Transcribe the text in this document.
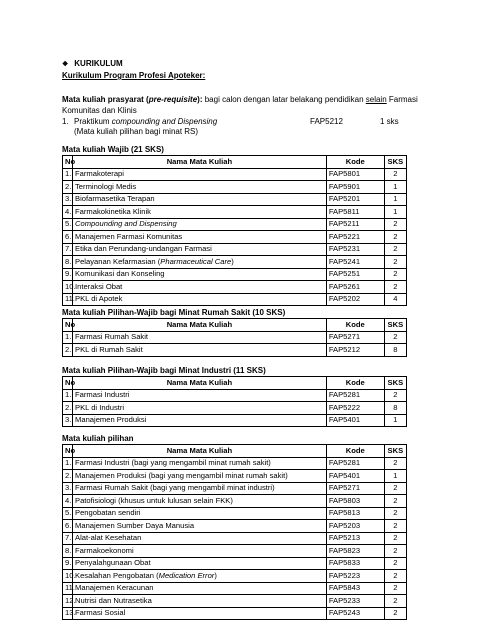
❖ KURIKULUM
Kurikulum Program Profesi Apoteker:
Mata kuliah prasyarat (pre-requisite): bagi calon dengan latar belakang pendidikan selain Farmasi
Komunitas dan Klinis
1. Praktikum compounding and Dispensing	FAP5212	1 sks
(Mata kuliah pilihan bagi minat RS)
Mata kuliah Wajib (21 SKS)
No	Nama Mata Kuliah	Kode	SKS
1.	Farmakoterapi	FAP5801	2
2.	Terminologi Medis	FAP5901	1
3.	Biofarmasetika Terapan	FAP5201	1
4.	Farmakokinetika Klinik	FAP5811	1
5.	Compounding and Dispensing	FAP5211	2
6.	Manajemen Farmasi Komunitas	FAP5221	2
7.	Etika dan Perundang-undangan Farmasi	FAP5231	2
8.	Pelayanan Kefarmasian (Pharmaceutical Care)	FAP5241	2
9.	Komunikasi dan Konseling	FAP5251	2
10.	Interaksi Obat	FAP5261	2
11.	PKL di Apotek	FAP5202	4
Mata kuliah Pilihan-Wajib bagi Minat Rumah Sakit (10 SKS)
No	Nama Mata Kuliah	Kode	SKS
1.	Farmasi Rumah Sakit	FAP5271	2
2.	PKL di Rumah Sakit	FAP5212	8
Mata kuliah Pilihan-Wajib bagi Minat Industri (11 SKS)
No	Nama Mata Kuliah	Kode	SKS
1.	Farmasi Industri	FAP5281	2
2.	PKL di Industri	FAP5222	8
3.	Manajemen Produksi	FAP5401	1
Mata kuliah pilihan
No	Nama Mata Kuliah	Kode	SKS
1.	Farmasi Industri (bagi yang mengambil minat rumah sakit)	FAP5281	2
2.	Manajemen Produksi (bagi yang mengambil minat rumah sakit)	FAP5401	1
3.	Farmasi Rumah Sakit (bagi yang mengambil minat industri)	FAP5271	2
4.	Patofisiologi (khusus untuk lulusan selain FKK)	FAP5803	2
5.	Pengobatan sendiri	FAP5813	2
6.	Manajemen Sumber Daya Manusia	FAP5203	2
7.	Alat-alat Kesehatan	FAP5213	2
8.	Farmakoekonomi	FAP5823	2
9.	Penyalahgunaan Obat	FAP5833	2
10.	Kesalahan Pengobatan (Medication Error)	FAP5223	2
11.	Manajemen Keracunan	FAP5843	2
12.	Nutrisi dan Nutrasetika	FAP5233	2
13.	Farmasi Sosial	FAP5243	2
